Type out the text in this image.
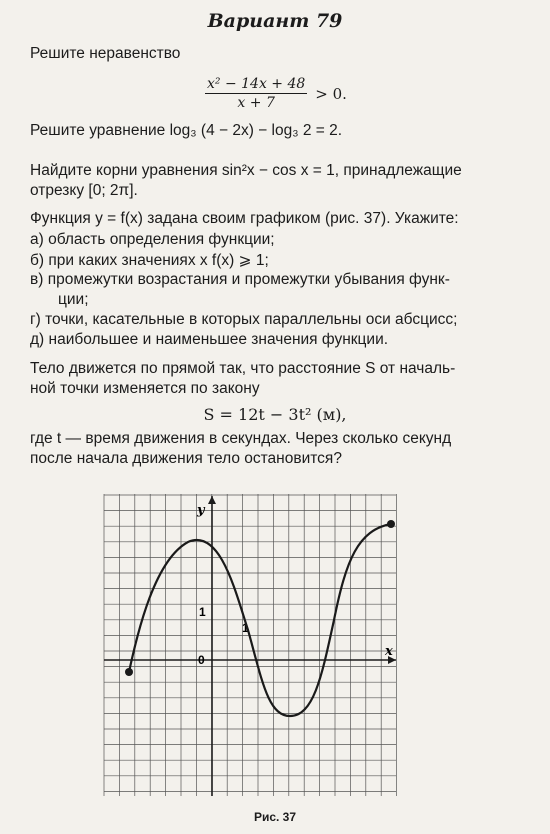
Вариант 79
Решите неравенство
$\frac{\text{x² − 14x + 48}}{x + 7} > 0$.
Решите уравнение log₃ (4 − 2x) − log₃ 2 = 2.
Найдите корни уравнения sin²x − cos x = 1, принадлежащие
отрезку [0; 2π].
Функция y = f(x) задана своим графиком (рис. 37). Укажите:
а) область определения функции;
б) при каких значениях x f(x) ⩾ 1;
в) промежутки возрастания и промежутки убывания функ-
ции;
г) точки, касательные в которых параллельны оси абсцисс;
д) наибольшее и наименьшее значения функции.
Тело движется по прямой так, что расстояние S от началь-
ной точки изменяется по закону
S = 12t − 3t² (м),
где t — время движения в секундах. Через сколько секунд
после начала движения тело остановится?
y
x
0
1
1
Рис. 37
